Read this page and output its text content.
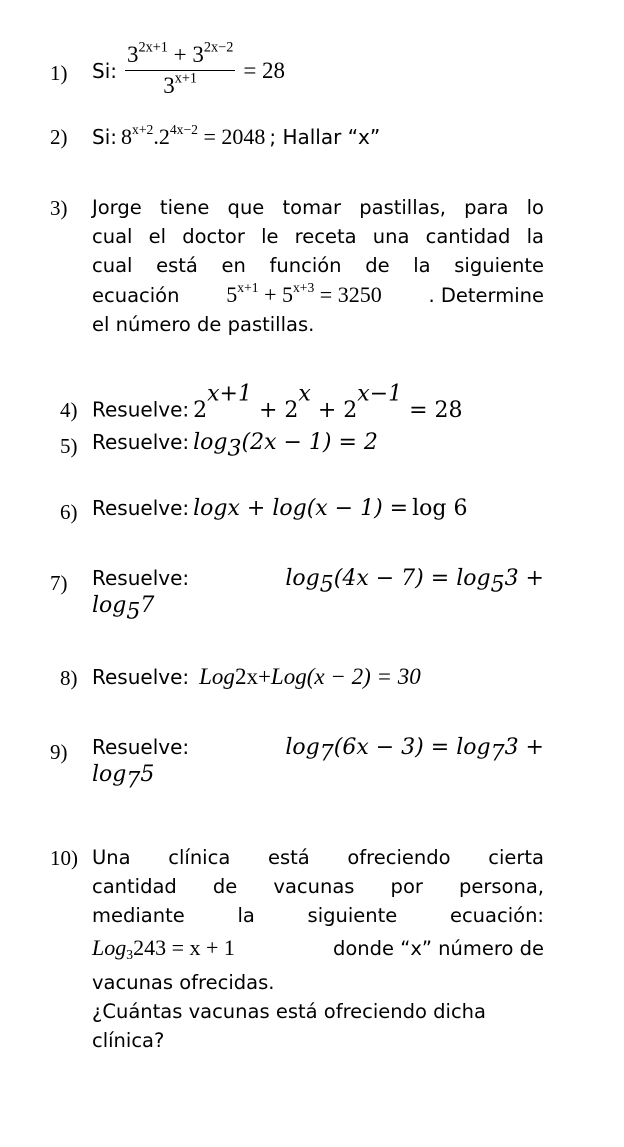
1) Si: $\frac{3^{2x+1} + 3^{2x-2}}{3^{x+1}} = 28$
2) Si: $8^{x+2}.2^{4x-2} = 2048$ ; Hallar “x”
3) Jorge tiene que tomar pastillas, para lo
cual el doctor le receta una cantidad la
cual está en función de la siguiente
ecuación $5^{x+1} + 5^{x+3} = 3250$ . Determine
el número de pastillas.
4) Resuelve: $2^{x+1} + 2^x + 2^{x-1} = 28$
5) Resuelve: $\log_3(2x - 1) = 2$
6) Resuelve: logx + log(x − 1) = log 6
7) Resuelve:	$\log_5(4x - 7) = \log_53$ +
$\log_57$
8) Resuelve: Log2x+Log(x − 2) = 30
9) Resuelve:	$\log_7(6x - 3) = \log_73$ +
$\log_75$
10) Una clínica está ofreciendo cierta
cantidad de vacunas por persona,
mediante	la	siguiente	ecuación:
Log$_3$243 = x + 1	donde “x” número de
vacunas ofrecidas.
¿Cuántas vacunas está ofreciendo dicha
clínica?
